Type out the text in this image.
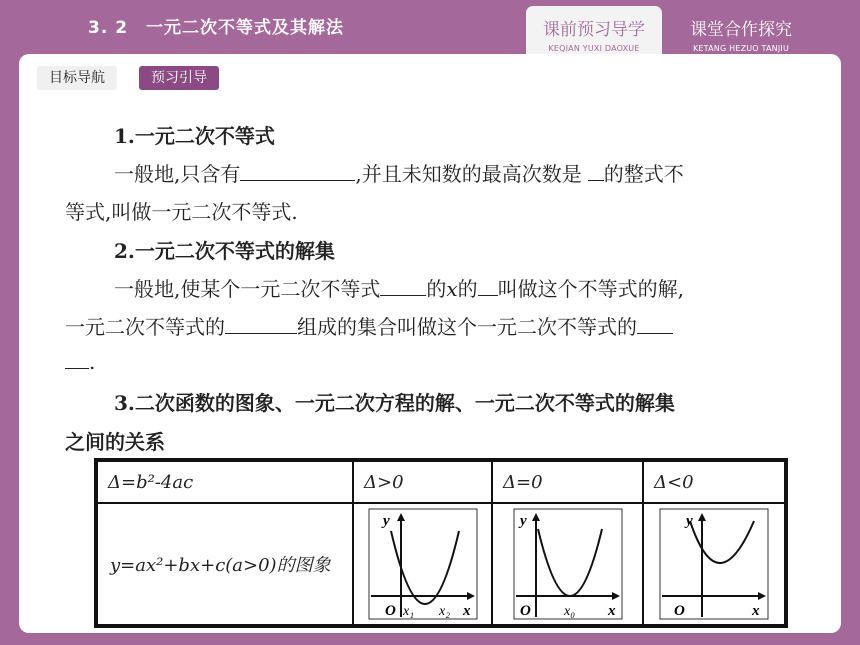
3. 2　一元二次不等式及其解法	课前预习导学
KEQIAN YUXI DAOXUE
课堂合作探究
KETANG HEZUO TANJIU
目标导航	预习引导
1.一元二次不等式
一般地,只含有	,并且未知数的最高次数是 的整式不
等式,叫做一元二次不等式.
2.一元二次不等式的解集
一般地,使某个一元二次不等式 的x的 叫做这个不等式的解,
一元二次不等式的	组成的集合叫做这个一元二次不等式的
.
3.二次函数的图象、一元二次方程的解、一元二次不等式的解集
之间的关系
Δ=b²-4ac	Δ>0	Δ=0	Δ<0
y=ax²+bx+c(a>0)的图象	y
O x
x₁ x₂	y
O x
x₀	y
O x
